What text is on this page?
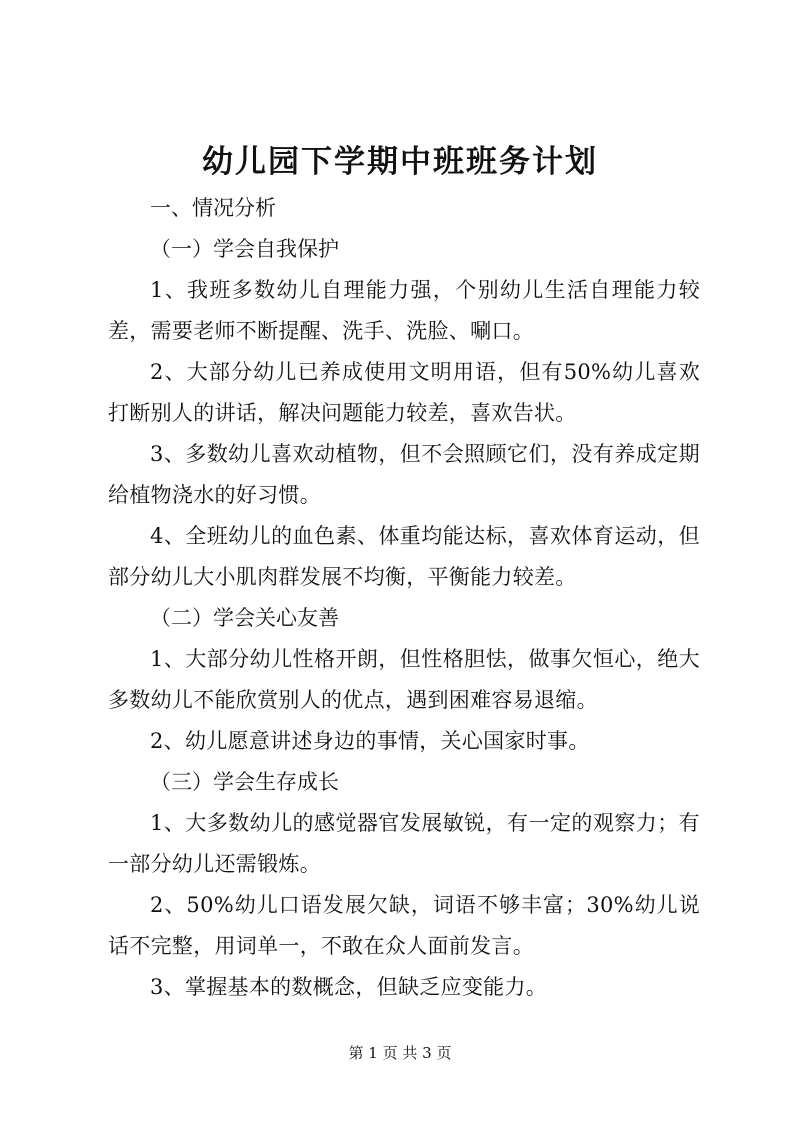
幼儿园下学期中班班务计划

一、情况分析

（一）学会自我保护

1、我班多数幼儿自理能力强，个别幼儿生活自理能力较差，需要老师不断提醒、洗手、洗脸、唰口。

2、大部分幼儿已养成使用文明用语，但有50%幼儿喜欢打断别人的讲话，解决问题能力较差，喜欢告状。

3、多数幼儿喜欢动植物，但不会照顾它们，没有养成定期给植物浇水的好习惯。

4、全班幼儿的血色素、体重均能达标，喜欢体育运动，但部分幼儿大小肌肉群发展不均衡，平衡能力较差。

（二）学会关心友善

1、大部分幼儿性格开朗，但性格胆怯，做事欠恒心，绝大多数幼儿不能欣赏别人的优点，遇到困难容易退缩。

2、幼儿愿意讲述身边的事情，关心国家时事。

（三）学会生存成长

1、大多数幼儿的感觉器官发展敏锐，有一定的观察力；有一部分幼儿还需锻炼。

2、50%幼儿口语发展欠缺，词语不够丰富；30%幼儿说话不完整，用词单一，不敢在众人面前发言。

3、掌握基本的数概念，但缺乏应变能力。

第 1 页 共 3 页
